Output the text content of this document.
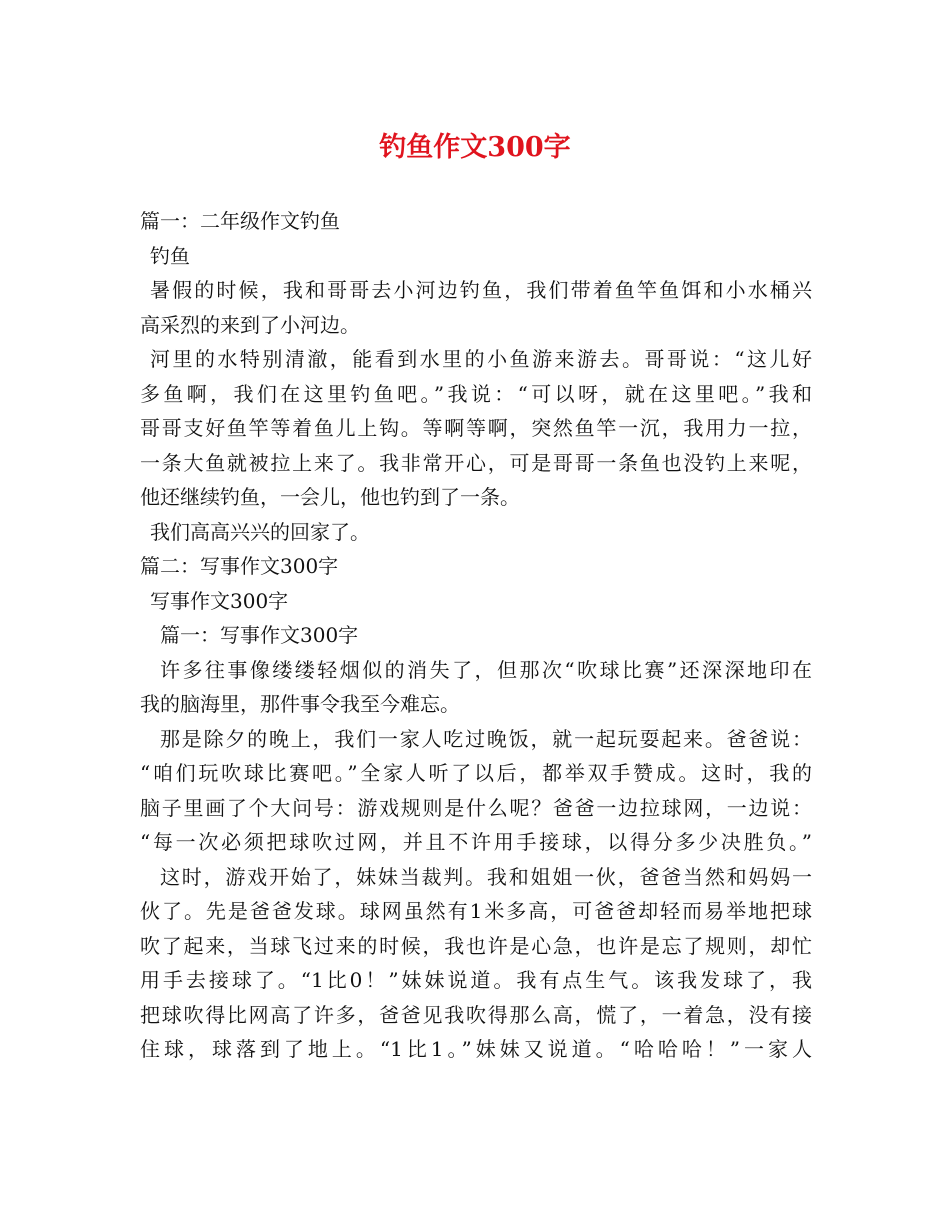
钓鱼作文300字
篇一：二年级作文钓鱼
钓鱼
暑假的时候，我和哥哥去小河边钓鱼，我们带着鱼竿鱼饵和小水桶兴
高采烈的来到了小河边。
河里的水特别清澈，能看到水里的小鱼游来游去。哥哥说：“这儿好
多鱼啊，我们在这里钓鱼吧。”我说：“可以呀，就在这里吧。”我和
哥哥支好鱼竿等着鱼儿上钩。等啊等啊，突然鱼竿一沉，我用力一拉，
一条大鱼就被拉上来了。我非常开心，可是哥哥一条鱼也没钓上来呢，
他还继续钓鱼，一会儿，他也钓到了一条。
我们高高兴兴的回家了。
篇二：写事作文300字
写事作文300字
篇一：写事作文300字
许多往事像缕缕轻烟似的消失了，但那次“吹球比赛”还深深地印在
我的脑海里，那件事令我至今难忘。
那是除夕的晚上，我们一家人吃过晚饭，就一起玩耍起来。爸爸说：
“咱们玩吹球比赛吧。”全家人听了以后，都举双手赞成。这时，我的
脑子里画了个大问号：游戏规则是什么呢？爸爸一边拉球网，一边说：
“每一次必须把球吹过网，并且不许用手接球，以得分多少决胜负。”
这时，游戏开始了，妹妹当裁判。我和姐姐一伙，爸爸当然和妈妈一
伙了。先是爸爸发球。球网虽然有1米多高，可爸爸却轻而易举地把球
吹了起来，当球飞过来的时候，我也许是心急，也许是忘了规则，却忙
用手去接球了。“1比0！”妹妹说道。我有点生气。该我发球了，我
把球吹得比网高了许多，爸爸见我吹得那么高，慌了，一着急，没有接
住球，球落到了地上。“1比1。”妹妹又说道。“哈哈哈！”一家人
